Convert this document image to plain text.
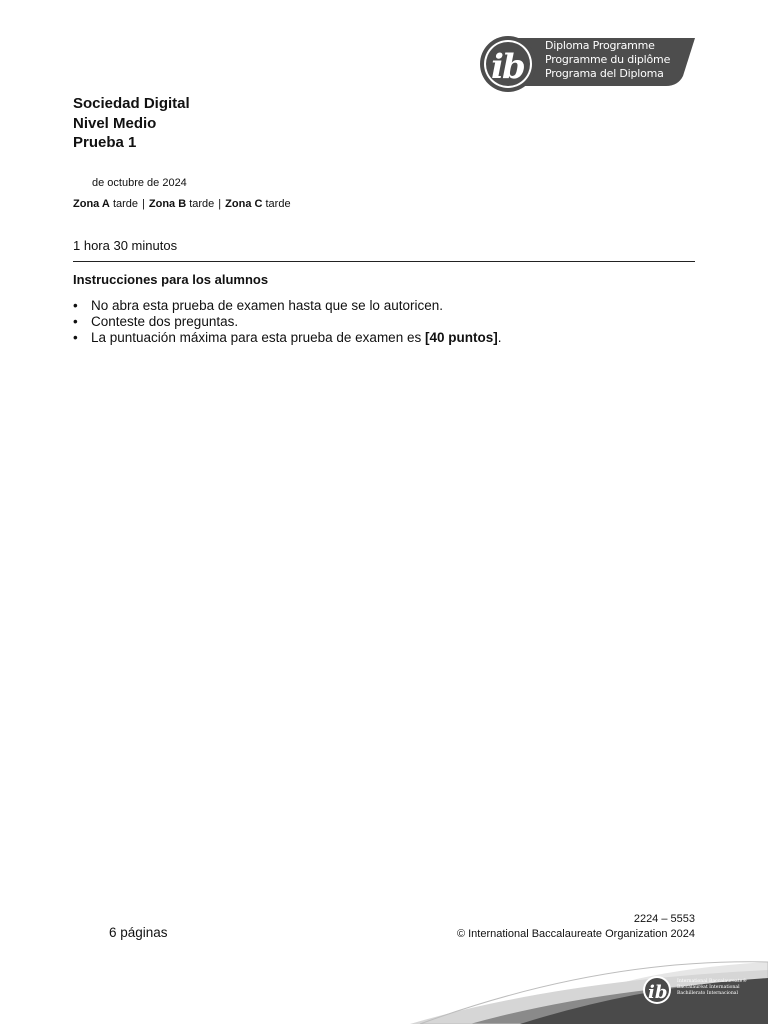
i
b
Diploma Programme
Programme du diplôme
Programa del Diploma
Sociedad Digital
Nivel Medio
Prueba 1
de octubre de 2024
Zona A tarde | Zona B tarde | Zona C tarde
1 hora 30 minutos
Instrucciones para los alumnos
• No abra esta prueba de examen hasta que se lo autoricen.
• Conteste dos preguntas.
• La puntuación máxima para esta prueba de examen es [40 puntos].
6 páginas
2224 – 5553
© International Baccalaureate Organization 2024
ib
International Baccalaureate®
Baccalauréat International
Bachillerato Internacional
